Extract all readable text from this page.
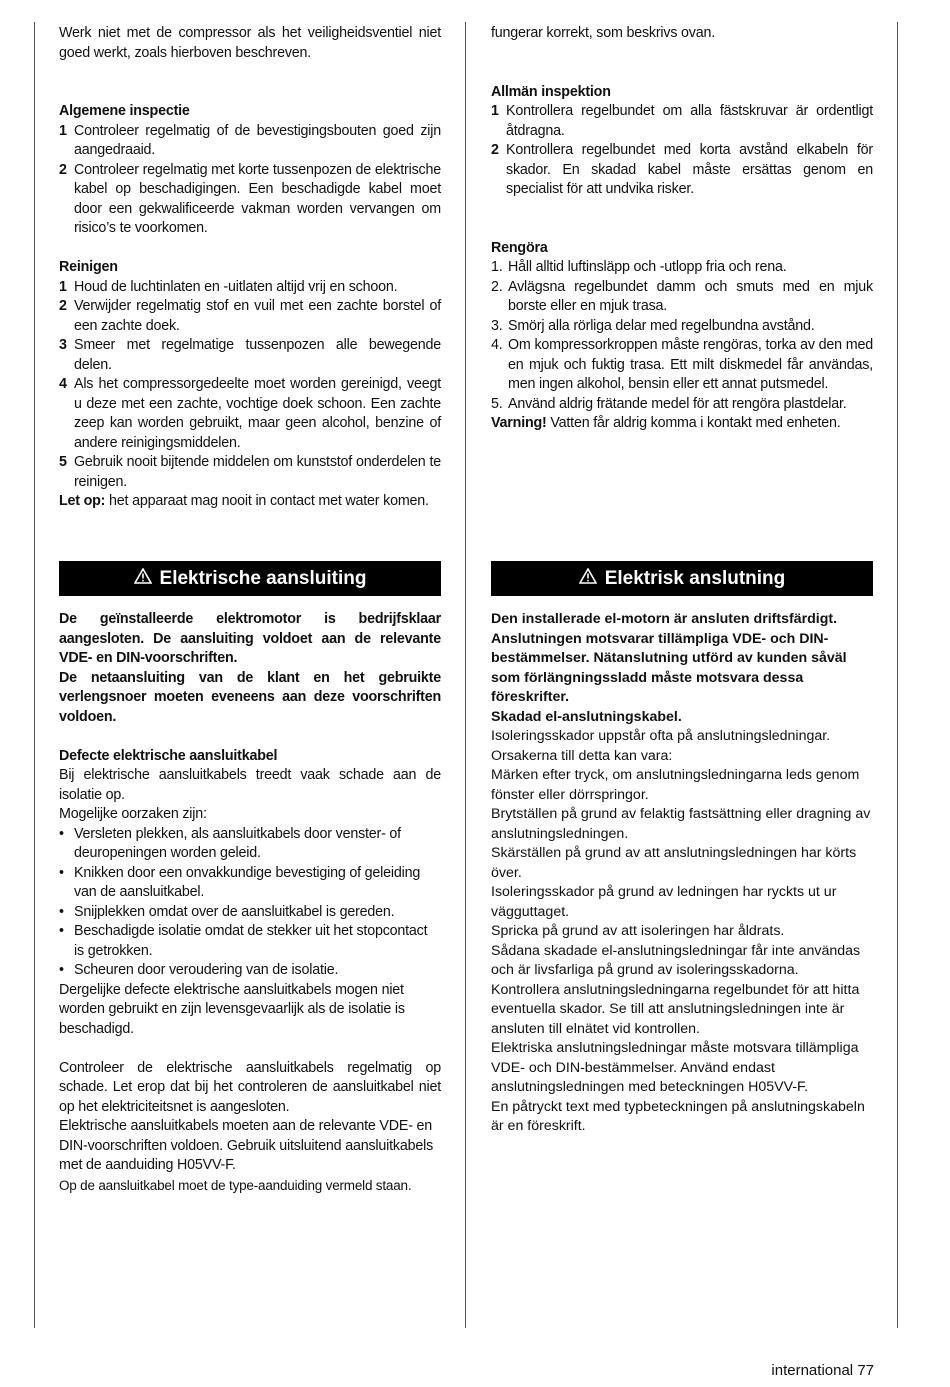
Werk niet met de compressor als het veiligheidsventiel niet goed werkt, zoals hierboven beschreven.

Algemene inspectie

1 Controleer regelmatig of de bevestigingsbouten goed zijn aangedraaid.
2 Controleer regelmatig met korte tussenpozen de elektrische kabel op beschadigingen. Een beschadigde kabel moet door een gekwalificeerde vakman worden vervangen om risico’s te voorkomen.

Reinigen

1 Houd de luchtinlaten en -uitlaten altijd vrij en schoon.
2 Verwijder regelmatig stof en vuil met een zachte borstel of een zachte doek.
3 Smeer met regelmatige tussenpozen alle bewegende delen.
4 Als het compressorgedeelte moet worden gereinigd, veegt u deze met een zachte, vochtige doek schoon. Een zachte zeep kan worden gebruikt, maar geen alcohol, benzine of andere reinigingsmiddelen.
5 Gebruik nooit bijtende middelen om kunststof onderdelen te reinigen.

Let op: het apparaat mag nooit in contact met water komen.

fungerar korrekt, som beskrivs ovan.

Allmän inspektion

1 Kontrollera regelbundet om alla fästskruvar är ordentligt åtdragna.
2 Kontrollera regelbundet med korta avstånd elkabeln för skador. En skadad kabel måste ersättas genom en specialist för att undvika risker.

Rengöra

1. Håll alltid luftinsläpp och -utlopp fria och rena.
2. Avlägsna regelbundet damm och smuts med en mjuk borste eller en mjuk trasa.
3. Smörj alla rörliga delar med regelbundna avstånd.
4. Om kompressorkroppen måste rengöras, torka av den med en mjuk och fuktig trasa. Ett milt diskmedel får användas, men ingen alkohol, bensin eller ett annat putsmedel.
5. Använd aldrig frätande medel för att rengöra plastdelar.

Varning! Vatten får aldrig komma i kontakt med enheten.

Elektrische aansluiting	Elektrisk anslutning

De geïnstalleerde elektromotor is bedrijfsklaar aangesloten. De aansluiting voldoet aan de relevante VDE- en DIN-voorschriften.

De netaansluiting van de klant en het gebruikte verlengsnoer moeten eveneens aan deze voorschriften voldoen.

Defecte elektrische aansluitkabel

Bij elektrische aansluitkabels treedt vaak schade aan de isolatie op.

Mogelijke oorzaken zijn:

• Versleten plekken, als aansluitkabels door venster- of deuropeningen worden geleid.
• Knikken door een onvakkundige bevestiging of geleiding van de aansluitkabel.
• Snijplekken omdat over de aansluitkabel is gereden.
• Beschadigde isolatie omdat de stekker uit het stopcontact is getrokken.
• Scheuren door veroudering van de isolatie.

Dergelijke defecte elektrische aansluitkabels mogen niet worden gebruikt en zijn levensgevaarlijk als de isolatie is beschadigd.

Controleer de elektrische aansluitkabels regelmatig op schade. Let erop dat bij het controleren de aansluitkabel niet op het elektriciteitsnet is aangesloten.

Elektrische aansluitkabels moeten aan de relevante VDE- en DIN-voorschriften voldoen. Gebruik uitsluitend aansluitkabels met de aanduiding H05VV-F.

Op de aansluitkabel moet de type-aanduiding vermeld staan.

Den installerade el-motorn är ansluten driftsfärdigt. Anslutningen motsvarar tillämpliga VDE- och DIN-bestämmelser. Nätanslutning utförd av kunden såväl som förlängningssladd måste motsvara dessa föreskrifter.

Skadad el-anslutningskabel.

Isoleringsskador uppstår ofta på anslutningsledningar.

Orsakerna till detta kan vara:

Märken efter tryck, om anslutningsledningarna leds genom fönster eller dörrspringor.

Brytställen på grund av felaktig fastsättning eller dragning av anslutningsledningen.

Skärställen på grund av att anslutningsledningen har körts över.

Isoleringsskador på grund av ledningen har ryckts ut ur vägguttaget.

Spricka på grund av att isoleringen har åldrats.

Sådana skadade el-anslutningsledningar får inte användas och är livsfarliga på grund av isoleringsskadorna.

Kontrollera anslutningsledningarna regelbundet för att hitta eventuella skador. Se till att anslutningsledningen inte är ansluten till elnätet vid kontrollen.

Elektriska anslutningsledningar måste motsvara tillämpliga VDE- och DIN-bestämmelser. Använd endast anslutningsledningen med beteckningen H05VV-F.

En påtryckt text med typbeteckningen på anslutningskabeln är en föreskrift.

international 77
